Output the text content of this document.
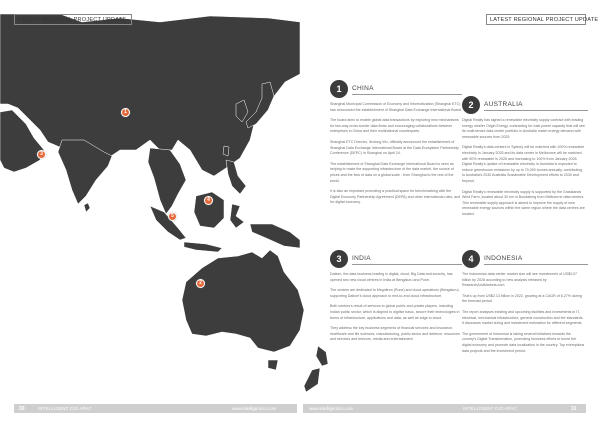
LATEST REGIONAL PROJECT UPDATE	LATEST REGIONAL PROJECT UPDATE
1
3
5
2
4
1	CHINA

Shanghai Municipal Commission of Economy and Informatization (Shanghai ETC) has announced the establishment of Shanghai Data Exchange International Board.

The board aims to enable global data transactions by exploring new mechanisms for two-way cross-border data flows and encouraging collaborations between enterprises in China and their multinational counterparts.

Shanghai ETC Director, Jindong Wu, officially announced the establishment of Shanghai Data Exchange International Board at the Data Ecosystem Partnership Conference (DEPC) in Shanghai on April 24.

The establishment of Shanghai Data Exchange International Board is seen as helping to make the supporting infrastructure of the data market, the source of prices and the flow of data on a global scale - from Shanghai to the rest of the world.

It is also an important promoting a practical space for benchmarking with the Digital Economy Partnership Agreement (DEPA) and other international rules, and for digital economy.

2	AUSTRALIA

Digital Realty has signed a renewable electricity supply contract with leading energy retailer Origin Energy, contracting for total power capacity that will see its multi-tenant data center portfolio in Australia match energy demand with renewable sources from 2025.

Digital Realty's data centers in Sydney will be matched with 100% renewable electricity in January 2025 and its data center in Melbourne will be matched with 50% renewable in 2026 and increasing to 100% from January 2028. Digital Realty's uptake of renewable electricity in Australia is expected to reduce greenhouse emissions by up to 70,000 tonnes annually, contributing to Australia's 2030 Australia Sustainable Development efforts to 2030 and beyond.

Digital Realty's renewable electricity supply is supported by the Grasslands Wind Farm, located about 30 km in Bundaberg from Melbourne data centers. This renewable supply approach is aimed to improve the supply of new renewable energy sources within the same region where the data centres are located.

3	INDIA

Datium, the data business leading in digital, cloud, Big Data and security, has opened two new cloud centres in India at Bengaluru and Pune.

The centres are dedicated to Megnitron (Pune) and cloud operations (Bengaluru) supporting Datium's cloud approach to end-to-end cloud infrastructure.

Both centres's result of services to global public and private players, including Indian public sector, which is aligned to digitise basic, secure their technologies in terms of infrastructure, applications and data, as well as edge to cloud.

They address the key business segments of financial services and insurance, healthcare and life sciences, manufacturing, public sector and defence, resources and services and telecom, media and entertainment.

4	INDONESIA

The Indonesian data center market size will see investments of US$3.07 billion by 2028 according to new analysis released by ResearchAndMarkets.com.

That's up from US$2.13 billion in 2022, growing at a CAGR of 6.27% during the forecast period.

The report analyses existing and upcoming facilities and investments in IT, electrical, mechanical infrastructure, general construction and tier standards. It discusses market sizing and investment estimation for different segments.

The government of Indonesia is taking several initiatives towards the country's Digital Transformation, promoting business efforts to boost the digital economy and promote data localization in the country. Top exemptions data projects and the investment period.

30	INTELLIGENT CIO APAC	www.intelligentcio.com	www.intelligentcio.com	INTELLIGENT CIO APAC	31
